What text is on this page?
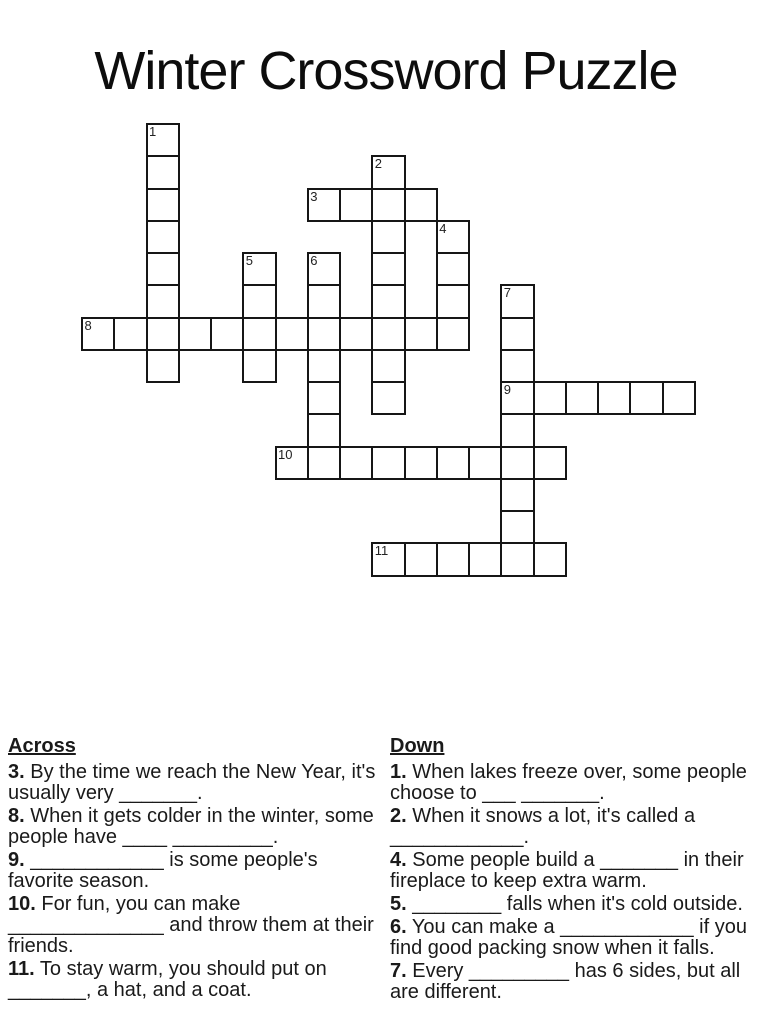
Winter Crossword Puzzle
1
2
3
4
5	6
7
8
9
10
11
Across
3. By the time we reach the New Year, it's usually very _______.
8. When it gets colder in the winter, some people have ____ _________.
9. ____________ is some people's favorite season.
10. For fun, you can make ______________ and throw them at their friends.
11. To stay warm, you should put on _______, a hat, and a coat.
Down
1. When lakes freeze over, some people choose to ___ _______.
2. When it snows a lot, it's called a ____________.
4. Some people build a _______ in their fireplace to keep extra warm.
5. ________ falls when it's cold outside.
6. You can make a ____________ if you find good packing snow when it falls.
7. Every _________ has 6 sides, but all are different.
